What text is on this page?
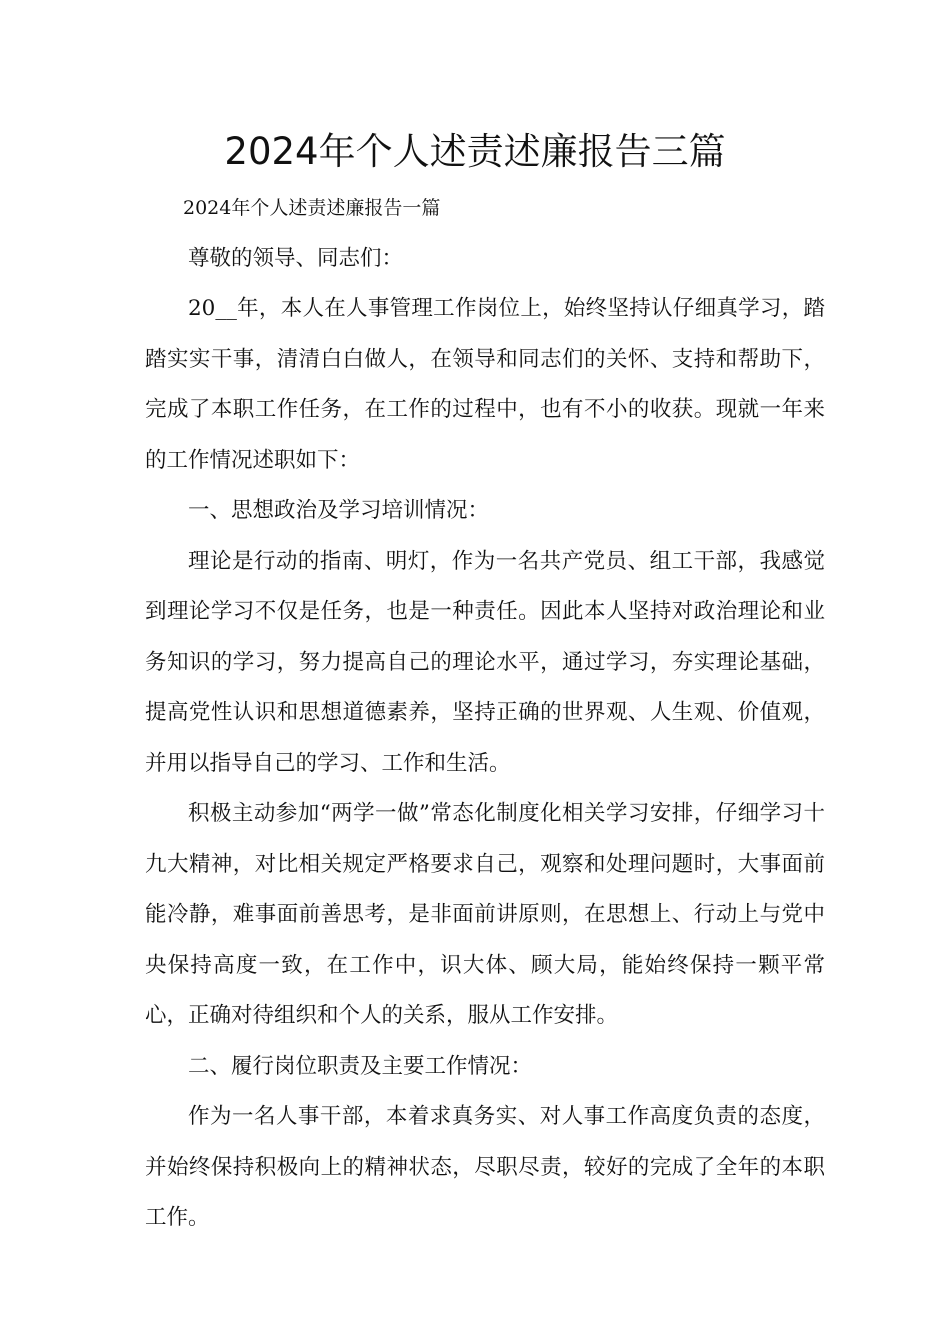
2024年个人述责述廉报告三篇

2024年个人述责述廉报告一篇

尊敬的领导、同志们：

20__年，本人在人事管理工作岗位上，始终坚持认仔细真学习，踏踏实实干事，清清白白做人，在领导和同志们的关怀、支持和帮助下，完成了本职工作任务，在工作的过程中，也有不小的收获。现就一年来的工作情况述职如下：

一、思想政治及学习培训情况：

理论是行动的指南、明灯，作为一名共产党员、组工干部，我感觉到理论学习不仅是任务，也是一种责任。因此本人坚持对政治理论和业务知识的学习，努力提高自己的理论水平，通过学习，夯实理论基础，提高党性认识和思想道德素养，坚持正确的世界观、人生观、价值观，并用以指导自己的学习、工作和生活。

积极主动参加“两学一做”常态化制度化相关学习安排，仔细学习十九大精神，对比相关规定严格要求自己，观察和处理问题时，大事面前能冷静，难事面前善思考，是非面前讲原则，在思想上、行动上与党中央保持高度一致，在工作中，识大体、顾大局，能始终保持一颗平常心，正确对待组织和个人的关系，服从工作安排。

二、履行岗位职责及主要工作情况：

作为一名人事干部，本着求真务实、对人事工作高度负责的态度，并始终保持积极向上的精神状态，尽职尽责，较好的完成了全年的本职工作。
